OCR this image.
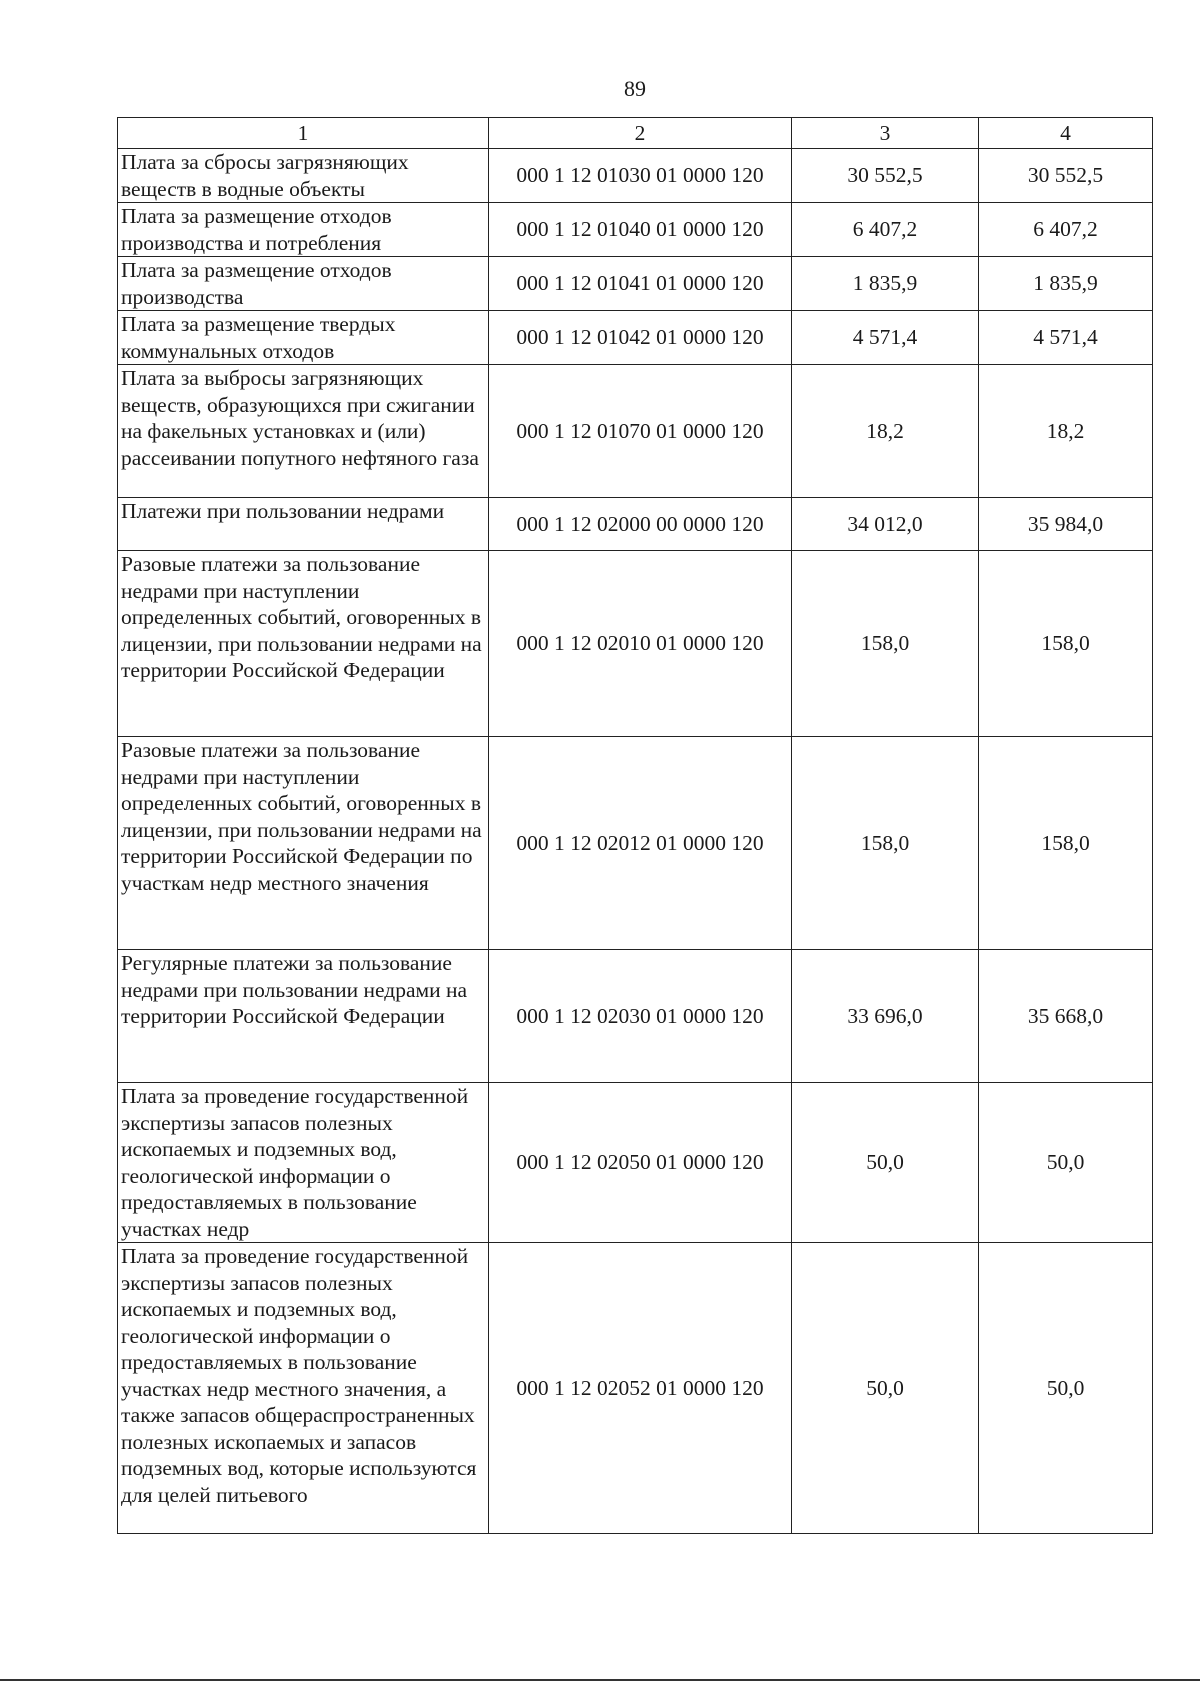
89
1	2	3	4
Плата за сбросы загрязняющих веществ в водные объекты	000 1 12 01030 01 0000 120	30 552,5	30 552,5
Плата за размещение отходов производства и потребления	000 1 12 01040 01 0000 120	6 407,2	6 407,2
Плата за размещение отходов производства	000 1 12 01041 01 0000 120	1 835,9	1 835,9
Плата за размещение твердых коммунальных отходов	000 1 12 01042 01 0000 120	4 571,4	4 571,4
Плата за выбросы загрязняющих веществ, образующихся при сжигании на факельных установках и (или) рассеивании попутного нефтяного газа	000 1 12 01070 01 0000 120	18,2	18,2
Платежи при пользовании недрами	000 1 12 02000 00 0000 120	34 012,0	35 984,0
Разовые платежи за пользование недрами при наступлении определенных событий, оговоренных в лицензии, при пользовании недрами на территории Российской Федерации	000 1 12 02010 01 0000 120	158,0	158,0
Разовые платежи за пользование недрами при наступлении определенных событий, оговоренных в лицензии, при пользовании недрами на территории Российской Федерации по участкам недр местного значения	000 1 12 02012 01 0000 120	158,0	158,0
Регулярные платежи за пользование недрами при пользовании недрами на территории Российской Федерации	000 1 12 02030 01 0000 120	33 696,0	35 668,0
Плата за проведение государственной экспертизы запасов полезных ископаемых и подземных вод, геологической информации о предоставляемых в пользование участках недр	000 1 12 02050 01 0000 120	50,0	50,0
Плата за проведение государственной экспертизы запасов полезных ископаемых и подземных вод, геологической информации о предоставляемых в пользование участках недр местного значения, а также запасов общераспространенных полезных ископаемых и запасов подземных вод, которые используются для целей питьевого	000 1 12 02052 01 0000 120	50,0	50,0
